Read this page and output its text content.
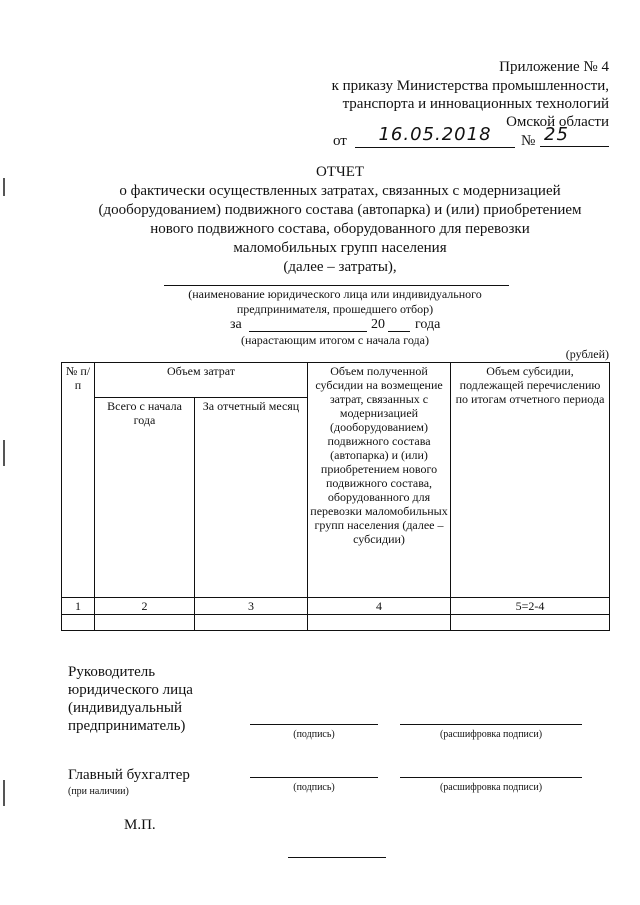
Приложение № 4
к приказу Министерства промышленности,
транспорта и инновационных технологий
Омской области
от	16.05.2018	№ 25
ОТЧЕТ
о фактически осуществленных затратах, связанных с модернизацией
(дооборудованием) подвижного состава (автопарка) и (или) приобретением
нового подвижного состава, оборудованного для перевозки
маломобильных групп населения
(далее – затраты),
(наименование юридического лица или индивидуального
предпринимателя, прошедшего отбор)
за	20 года
(нарастающим итогом с начала года)
(рублей)
№ п/п	Объем затрат		Объем полученной субсидии на возмещение затрат, связанных с модернизацией (дооборудованием) подвижного состава (автопарка) и (или) приобретением нового подвижного состава, оборудованного для перевозки маломобильных групп населения (далее – субсидии)	Объем субсидии, подлежащей перечислению по итогам отчетного периода
	Всего с начала года	За отчетный месяц		
1	2	3	4	5=2-4

Руководитель
юридического лица
(индивидуальный
предприниматель)
(подпись)	(расшифровка подписи)
Главный бухгалтер
(при наличии)	(подпись)	(расшифровка подписи)
М.П.
